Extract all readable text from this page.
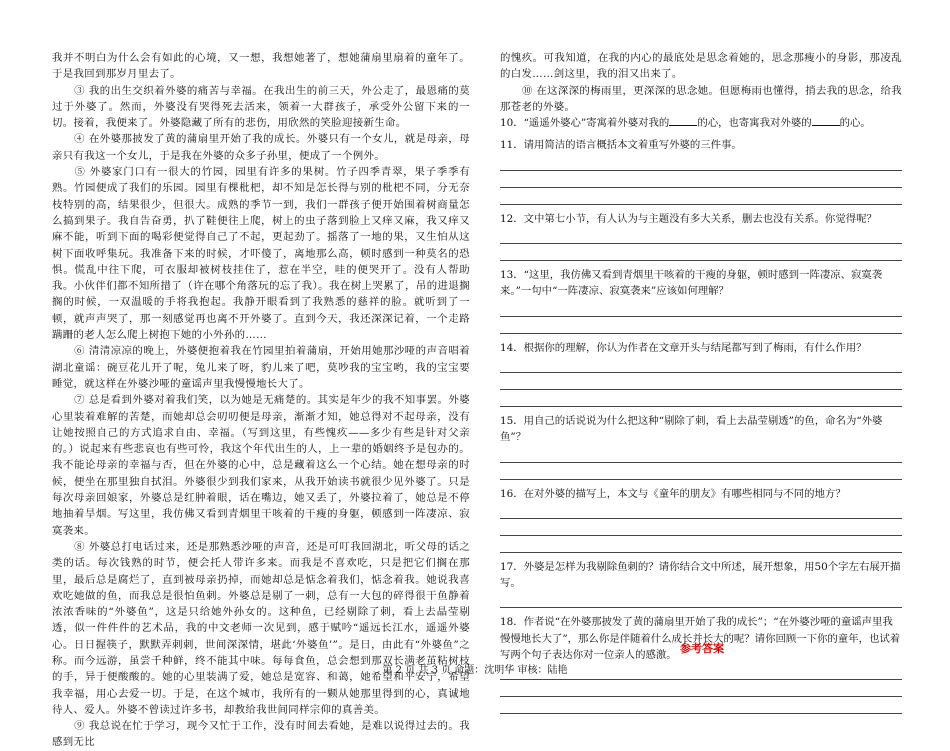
我并不明白为什么会有如此的心境，又一想，我想她著了，想她蒲扇里扇着的童年了。于是我回到那岁月里去了。

③ 我的出生交织着外婆的痛苦与幸福。在我出生的前三天，外公走了，最恩痛的莫过于外婆了。然而，外婆没有哭得死去活来，领着一大群孩子，承受外公留下来的一切。接着，我便来了。外婆隐藏了所有的悲伤，用欣然的笑脸迎接新生命。

④ 在外婆那披发了黄的蒲扇里开始了我的成长。外婆只有一个女儿，就是母亲，母亲只有我这一个女儿，于是我在外婆的众多子孙里，便成了一个例外。

⑤ 外婆家门口有一很大的竹园，园里有许多的果树。竹子四季青翠，果子季季有熟。竹园便成了我们的乐园。园里有棵枇杷，却不知是怎长得与别的枇杷不同，分无奈枝特别的高，结果很少，但很大。成熟的季节一到，我们一群孩子便开始围着树商量怎么搞到果子。我自告奋勇，扒了鞋便往上爬，树上的虫子落到脸上又痒又麻，我又痒又麻不能，听到下面的喝彩便觉得自己了不起，更起劲了。摇落了一地的果，又生怕从这树下面收呼集玩。我准备下来的时候，才吓傻了，离地那么高，顿时感到一种莫名的恐惧。慌乱中往下爬，可衣服却被树枝挂住了，惹在半空，哇的便哭开了。没有人帮助我。小伙伴们都不知所措了（许在哪个角落玩的忘了我）。我在树上哭累了，吊的进退搁搁的时候，一双温暖的手将我抱起。我静开眼看到了我熟悉的慈祥的脸。就听到了一顿，就声声哭了，那一刻感觉再也离不开外婆了。直到今天，我还深深记着，一个走路蹒跚的老人怎么爬上树抱下她的小外孙的……

⑥ 清清凉凉的晚上，外婆便抱着我在竹园里拍着蒲扇，开始用她那沙哑的声音唱着湖北童谣：碗豆花儿开了呢，兔儿来了呀，豹儿来了吧，莫吵我的宝宝哟，我的宝宝要睡觉，就这样在外婆沙哑的童谣声里我慢慢地长大了。

⑦ 总是看到外婆对着我们笑，以为她是无痛楚的。其实是年少的我不知事罢。外婆心里装着难解的苦楚，而她却总会叨叨便是母亲，渐渐才知，她总得对不起母亲，没有让她按照自己的方式追求自由、幸福。（写到这里，有些愧疚——多少有些是针对父亲的。）说起来有些悲哀也有些可怜，我这个年代出生的人，上一辈的婚姻终予是包办的。我不能论母亲的幸福与否，但在外婆的心中，总是藏着这么一个心结。她在想母亲的时候，便坐在那里独自拭泪。外婆很少到我们家来，从我开始读书就很少见外婆了。只是每次母亲回娘家，外婆总是红肿着眼，话在嘴边，她又丢了，外婆拉着了，她总是不停地抽着旱烟。写这里，我仿佛又看到青烟里干咳着的干瘦的身躯，顿感到一阵凄凉、寂寞袭来。

⑧ 外婆总打电话过来，还是那熟悉沙哑的声音，还是可叮我回湖北，听父母的话之类的话。每次钱熟的时节，便会托人带许多来。而我是不喜欢吃，只是把它们搁在那里，最后总是腐烂了，直到被母亲扔掉，而她却总是惦念着我们，惦念着我。她说我喜欢吃她做的鱼，而我总是很怕鱼刺。外婆总是剔了一刺，总有一大包的碎得很干鱼静着浓浓香味的“外婆鱼”，这是只给她外孙女的。这种鱼，已经剔除了刺，看上去晶莹剔透，似一件件件的艺术品，我的中文老师一次见到，感于赋吟“遥远长江水，遥遥外婆心。日日握筷子，默默弄刺刺，世间深深情，堪此‘外婆鱼’”。是日，由此有“外婆鱼”之称。而今远游，虽尝千种鲜，终不能其中味。每每食鱼，总会想到那双长满老茧粘树枝的手，异于便酸酸的。她的心里装满了爱，她总是宽容、和蔼，她希望和平安宁，希望我幸福，用心去爱一切。于是，在这个城市，我所有的一颗从她那里得到的心，真诚地待人、爱人。外婆不曾读过许多书，却教给我世间同样宗仰的真善美。

⑨ 我总说在忙于学习，现今又忙于工作，没有时间去看她，是难以说得过去的。我感到无比

的愧疚。可我知道，在我的内心的最底处是思念着她的，思念那瘦小的身影，那凌乱的白发……剑这里，我的泪又出来了。

⑩ 在这深深的梅雨里，更深深的思念她。但愿梅雨也懂得，捎去我的思念，给我那苍老的外婆。

10．“遥遥外婆心”寄寓着外婆对我的	的心，也寄寓我对外婆的	的心。

11．请用简洁的语言概括本文着重写外婆的三件事。

12．文中第七小节，有人认为与主题没有多大关系，删去也没有关系。你觉得呢？

13．“这里，我仿佛又看到青烟里干咳着的干瘦的身躯，顿时感到一阵凄凉、寂寞袭来。”一句中“一阵凄凉、寂寞袭来”应该如何理解？

14．根据你的理解，你认为作者在文章开头与结尾都写到了梅雨，有什么作用？

15．用自己的话说说为什么把这种“剔除了刺，看上去晶莹剔透”的鱼，命名为“外婆鱼”？

16．在对外婆的描写上，本文与《童年的朋友》有哪些相同与不同的地方？

17．外婆是怎样为我剔除鱼刺的？请你结合文中所述，展开想象，用50个字左右展开描写。

18．作者说“在外婆那披发了黄的蒲扇里开始了我的成长”；“在外婆沙哑的童谣声里我慢慢地长大了”，那么你是伴随着什么成长并长大的呢？请你回顾一下你的童年，也试着写两个句子表达你对一位亲人的感激。

参考答案
第 2 页 共 3 页 命题：沈明华 审核：陆艳
